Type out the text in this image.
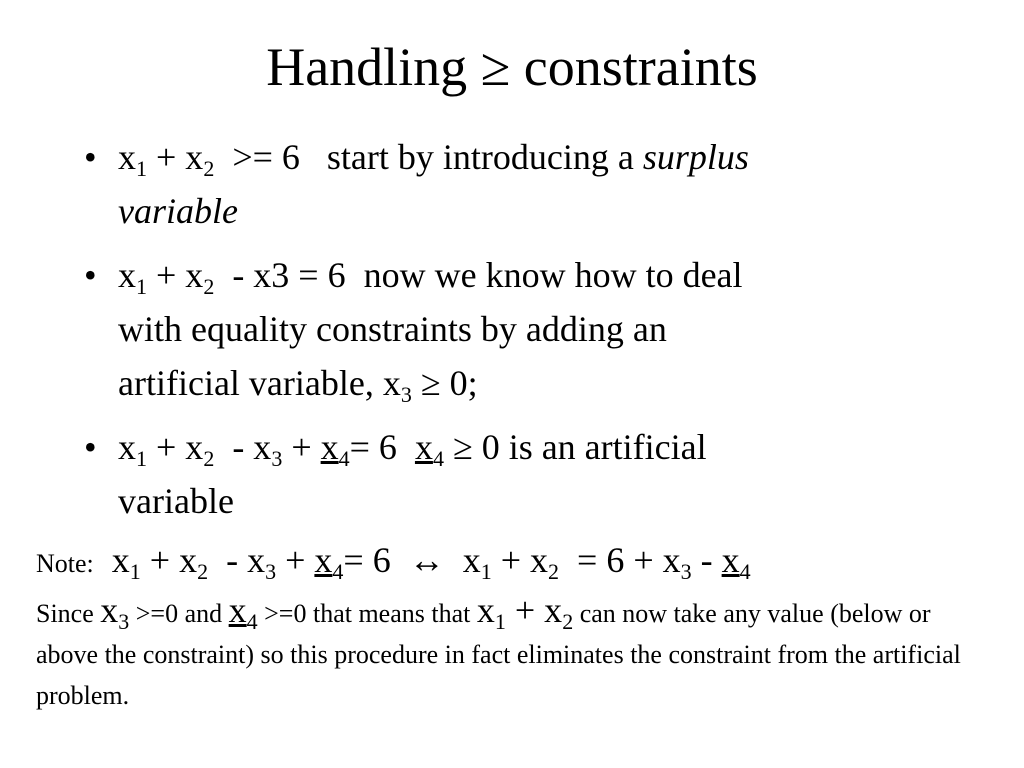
Handling ≥ constraints
• $x_1 + x_2 >= 6$ start by introducing a surplus
variable
• $x_1 + x_2 - x3 = 6$  now we know how to deal
with equality constraints by adding an
artificial variable, $x_3 \ge 0$;
• $x_1 + x_2 - x_3 + x_4= 6$  $x_4 \ge 0$ is an artificial
variable
Note: $x_1 + x_2 - x_3 + x_4= 6$ ↔ $x_1 + x_2 = 6 + x_3 - x_4$
Since $x_3 >=0$ and $x_4 >=0$ that means that $x_1 + x_2$ can now take any value (below or above the constraint) so this procedure in fact eliminates the constraint from the artificial problem.
